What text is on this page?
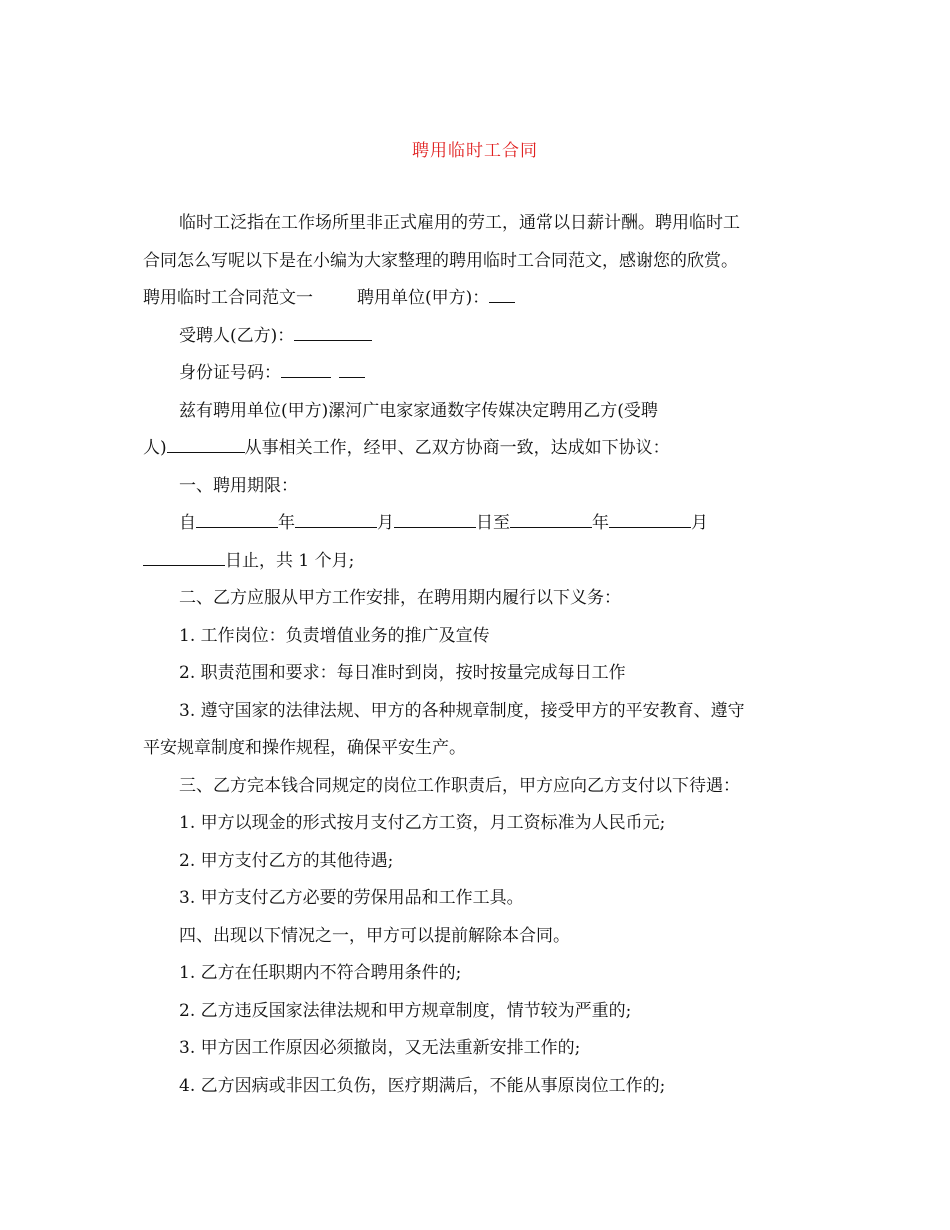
聘用临时工合同

临时工泛指在工作场所里非正式雇用的劳工，通常以日薪计酬。聘用临时工

合同怎么写呢以下是在小编为大家整理的聘用临时工合同范文，感谢您的欣赏。

聘用临时工合同范文一	聘用单位(甲方)：

受聘人(乙方)：

身份证号码：

兹有聘用单位(甲方)漯河广电家家通数字传媒决定聘用乙方(受聘

人)	从事相关工作，经甲、乙双方协商一致，达成如下协议：

一、聘用期限：

自	年	月	日至	年	月

日止，共 1 个月;

二、乙方应服从甲方工作安排，在聘用期内履行以下义务：

1. 工作岗位：负责增值业务的推广及宣传

2. 职责范围和要求：每日准时到岗，按时按量完成每日工作

3. 遵守国家的法律法规、甲方的各种规章制度，接受甲方的平安教育、遵守

平安规章制度和操作规程，确保平安生产。

三、乙方完本钱合同规定的岗位工作职责后，甲方应向乙方支付以下待遇：

1. 甲方以现金的形式按月支付乙方工资，月工资标准为人民币元;

2. 甲方支付乙方的其他待遇;

3. 甲方支付乙方必要的劳保用品和工作工具。

四、出现以下情况之一，甲方可以提前解除本合同。

1. 乙方在任职期内不符合聘用条件的;

2. 乙方违反国家法律法规和甲方规章制度，情节较为严重的;

3. 甲方因工作原因必须撤岗，又无法重新安排工作的;

4. 乙方因病或非因工负伤，医疗期满后，不能从事原岗位工作的;
